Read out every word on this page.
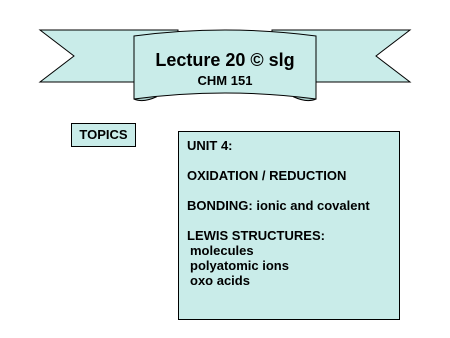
Lecture 20 © slg
CHM 151
TOPICS
UNIT 4:
OXIDATION / REDUCTION
BONDING: ionic and covalent
LEWIS STRUCTURES:
molecules
polyatomic ions
oxo acids
